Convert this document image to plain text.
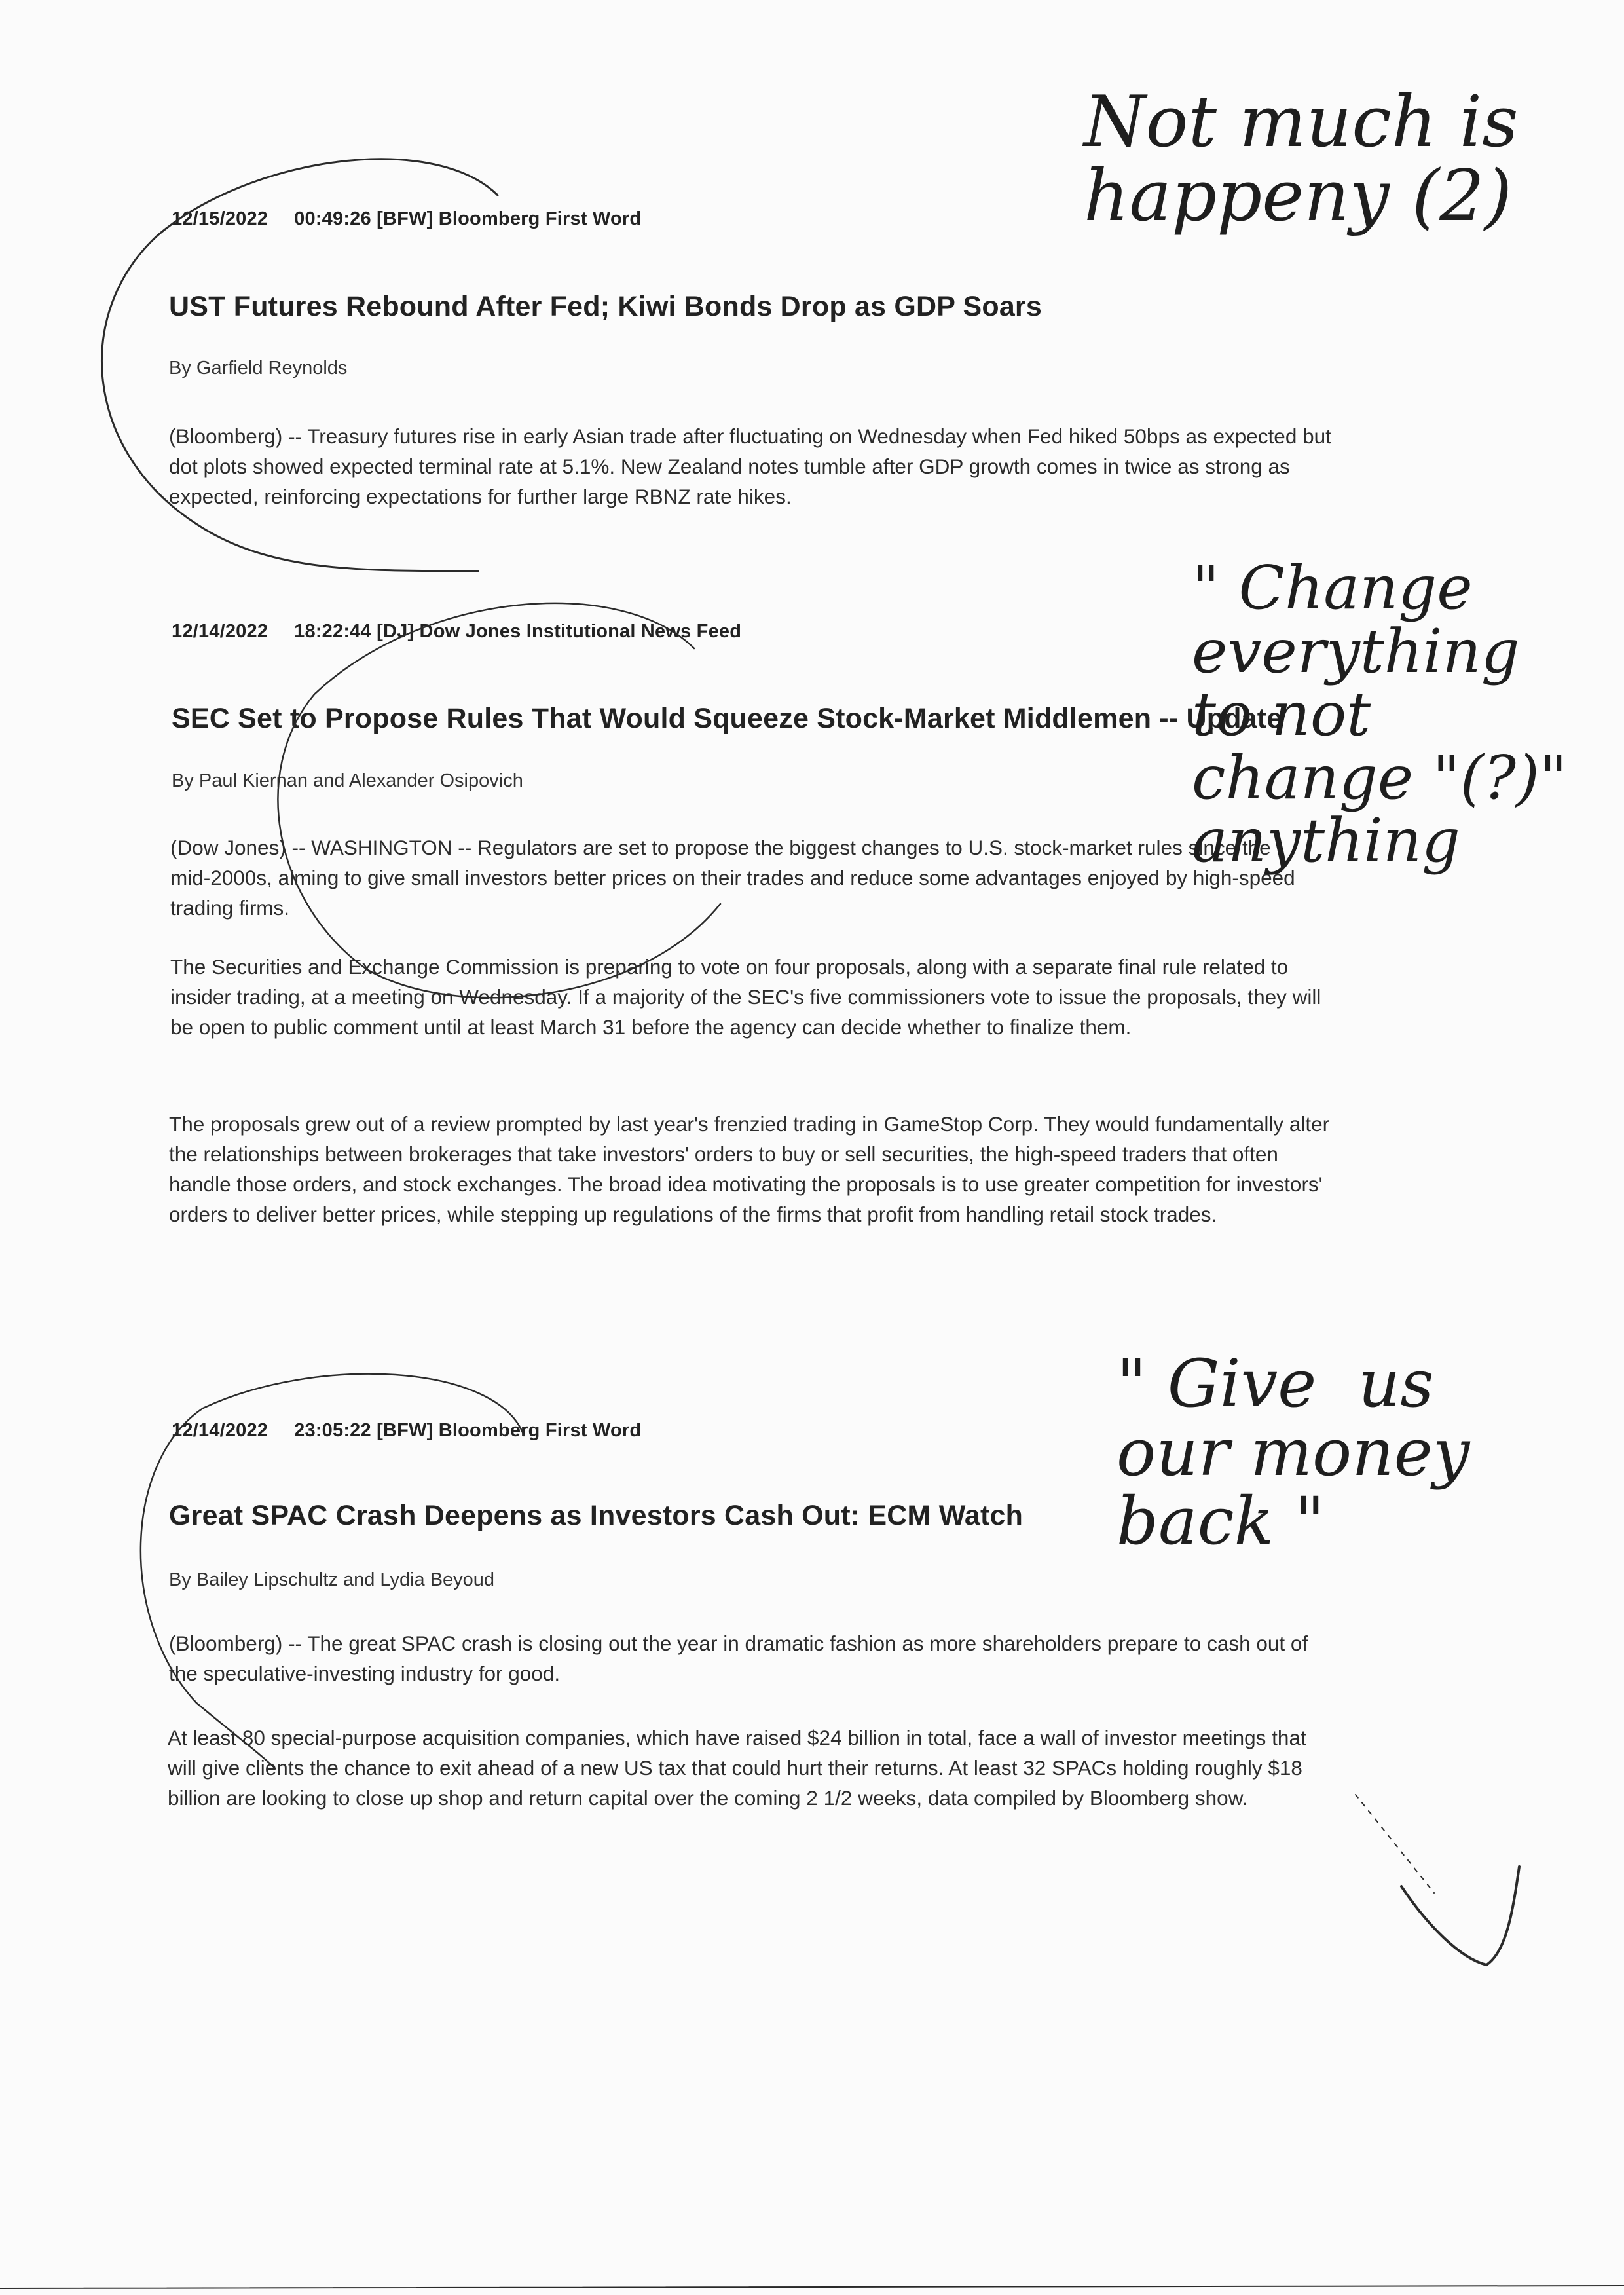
12/15/2022 00:49:26 [BFW] Bloomberg First Word
UST Futures Rebound After Fed; Kiwi Bonds Drop as GDP Soars
By Garfield Reynolds
(Bloomberg) -- Treasury futures rise in early Asian trade after fluctuating on Wednesday when Fed hiked 50bps as expected but dot plots showed expected terminal rate at 5.1%. New Zealand notes tumble after GDP growth comes in twice as strong as expected, reinforcing expectations for further large RBNZ rate hikes.
12/14/2022 18:22:44 [DJ] Dow Jones Institutional News Feed
SEC Set to Propose Rules That Would Squeeze Stock-Market Middlemen -- Update
By Paul Kiernan and Alexander Osipovich
(Dow Jones) -- WASHINGTON -- Regulators are set to propose the biggest changes to U.S. stock-market rules since the mid-2000s, aiming to give small investors better prices on their trades and reduce some advantages enjoyed by high-speed trading firms.
The Securities and Exchange Commission is preparing to vote on four proposals, along with a separate final rule related to insider trading, at a meeting on Wednesday. If a majority of the SEC's five commissioners vote to issue the proposals, they will be open to public comment until at least March 31 before the agency can decide whether to finalize them.
The proposals grew out of a review prompted by last year's frenzied trading in GameStop Corp. They would fundamentally alter the relationships between brokerages that take investors' orders to buy or sell securities, the high-speed traders that often handle those orders, and stock exchanges. The broad idea motivating the proposals is to use greater competition for investors' orders to deliver better prices, while stepping up regulations of the firms that profit from handling retail stock trades.
12/14/2022 23:05:22 [BFW] Bloomberg First Word
Great SPAC Crash Deepens as Investors Cash Out: ECM Watch
By Bailey Lipschultz and Lydia Beyoud
(Bloomberg) -- The great SPAC crash is closing out the year in dramatic fashion as more shareholders prepare to cash out of the speculative-investing industry for good.
At least 80 special-purpose acquisition companies, which have raised $24 billion in total, face a wall of investor meetings that will give clients the chance to exit ahead of a new US tax that could hurt their returns. At least 32 SPACs holding roughly $18 billion are looking to close up shop and return capital over the coming 2 1/2 weeks, data compiled by Bloomberg show.
Not much is
happeny (2)
" Change
everything
to not
change "(?)"
anything
" Give  us
our money
back "
